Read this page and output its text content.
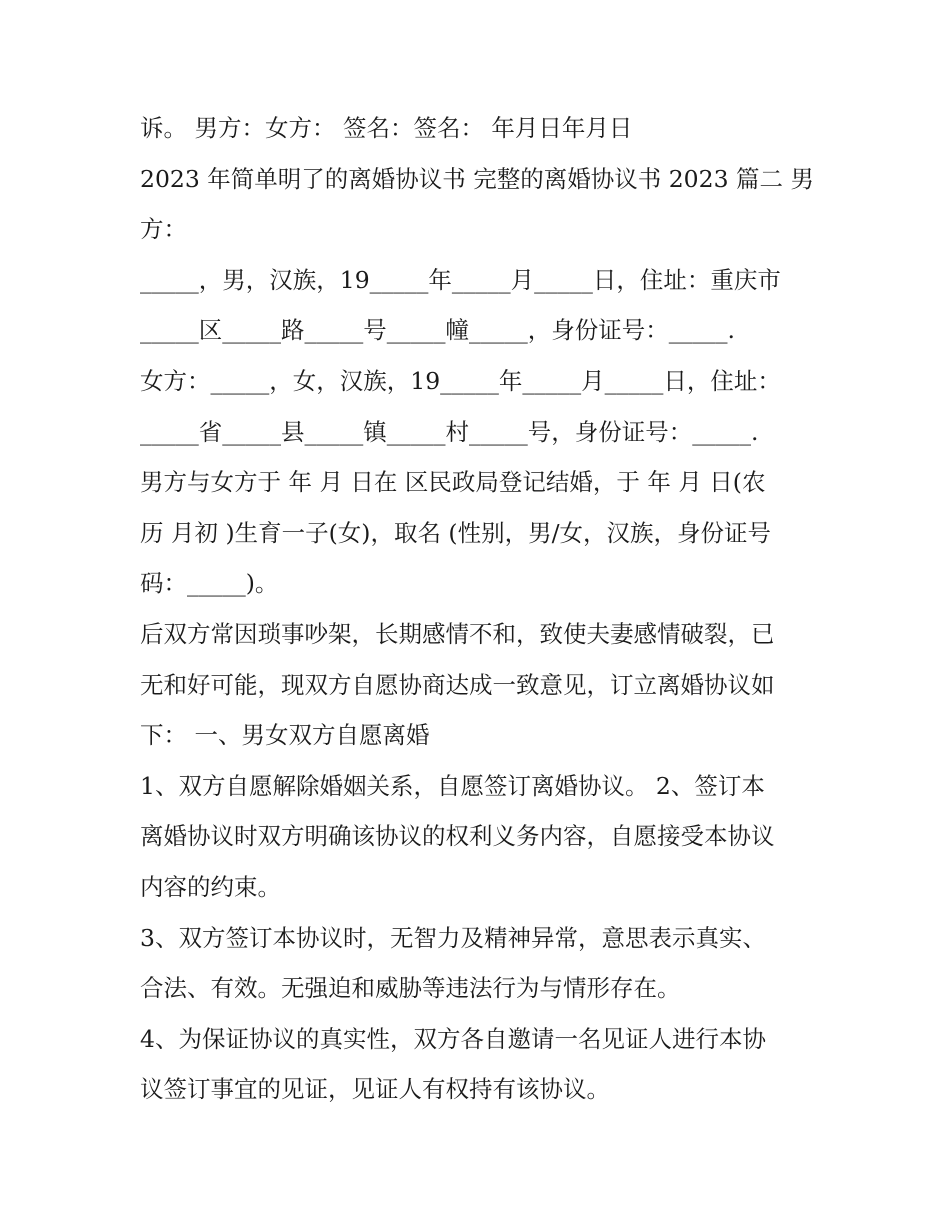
诉。 男方：女方： 签名：签名： 年月日年月日
2023 年简单明了的离婚协议书 完整的离婚协议书 2023 篇二 男
方：
_____，男，汉族，19_____年_____月_____日，住址：重庆市
_____区_____路_____号_____幢_____，身份证号：_____.
女方：_____，女，汉族，19_____年_____月_____日，住址：
_____省_____县_____镇_____村_____号，身份证号：_____.
男方与女方于 年 月 日在 区民政局登记结婚，于 年 月 日(农
历 月初 )生育一子(女)，取名 (性别，男/女，汉族，身份证号
码：_____)。
后双方常因琐事吵架，长期感情不和，致使夫妻感情破裂，已
无和好可能，现双方自愿协商达成一致意见，订立离婚协议如
下： 一、男女双方自愿离婚
1、双方自愿解除婚姻关系，自愿签订离婚协议。 2、签订本
离婚协议时双方明确该协议的权利义务内容，自愿接受本协议
内容的约束。
3、双方签订本协议时，无智力及精神异常，意思表示真实、
合法、有效。无强迫和威胁等违法行为与情形存在。
4、为保证协议的真实性，双方各自邀请一名见证人进行本协
议签订事宜的见证，见证人有权持有该协议。
